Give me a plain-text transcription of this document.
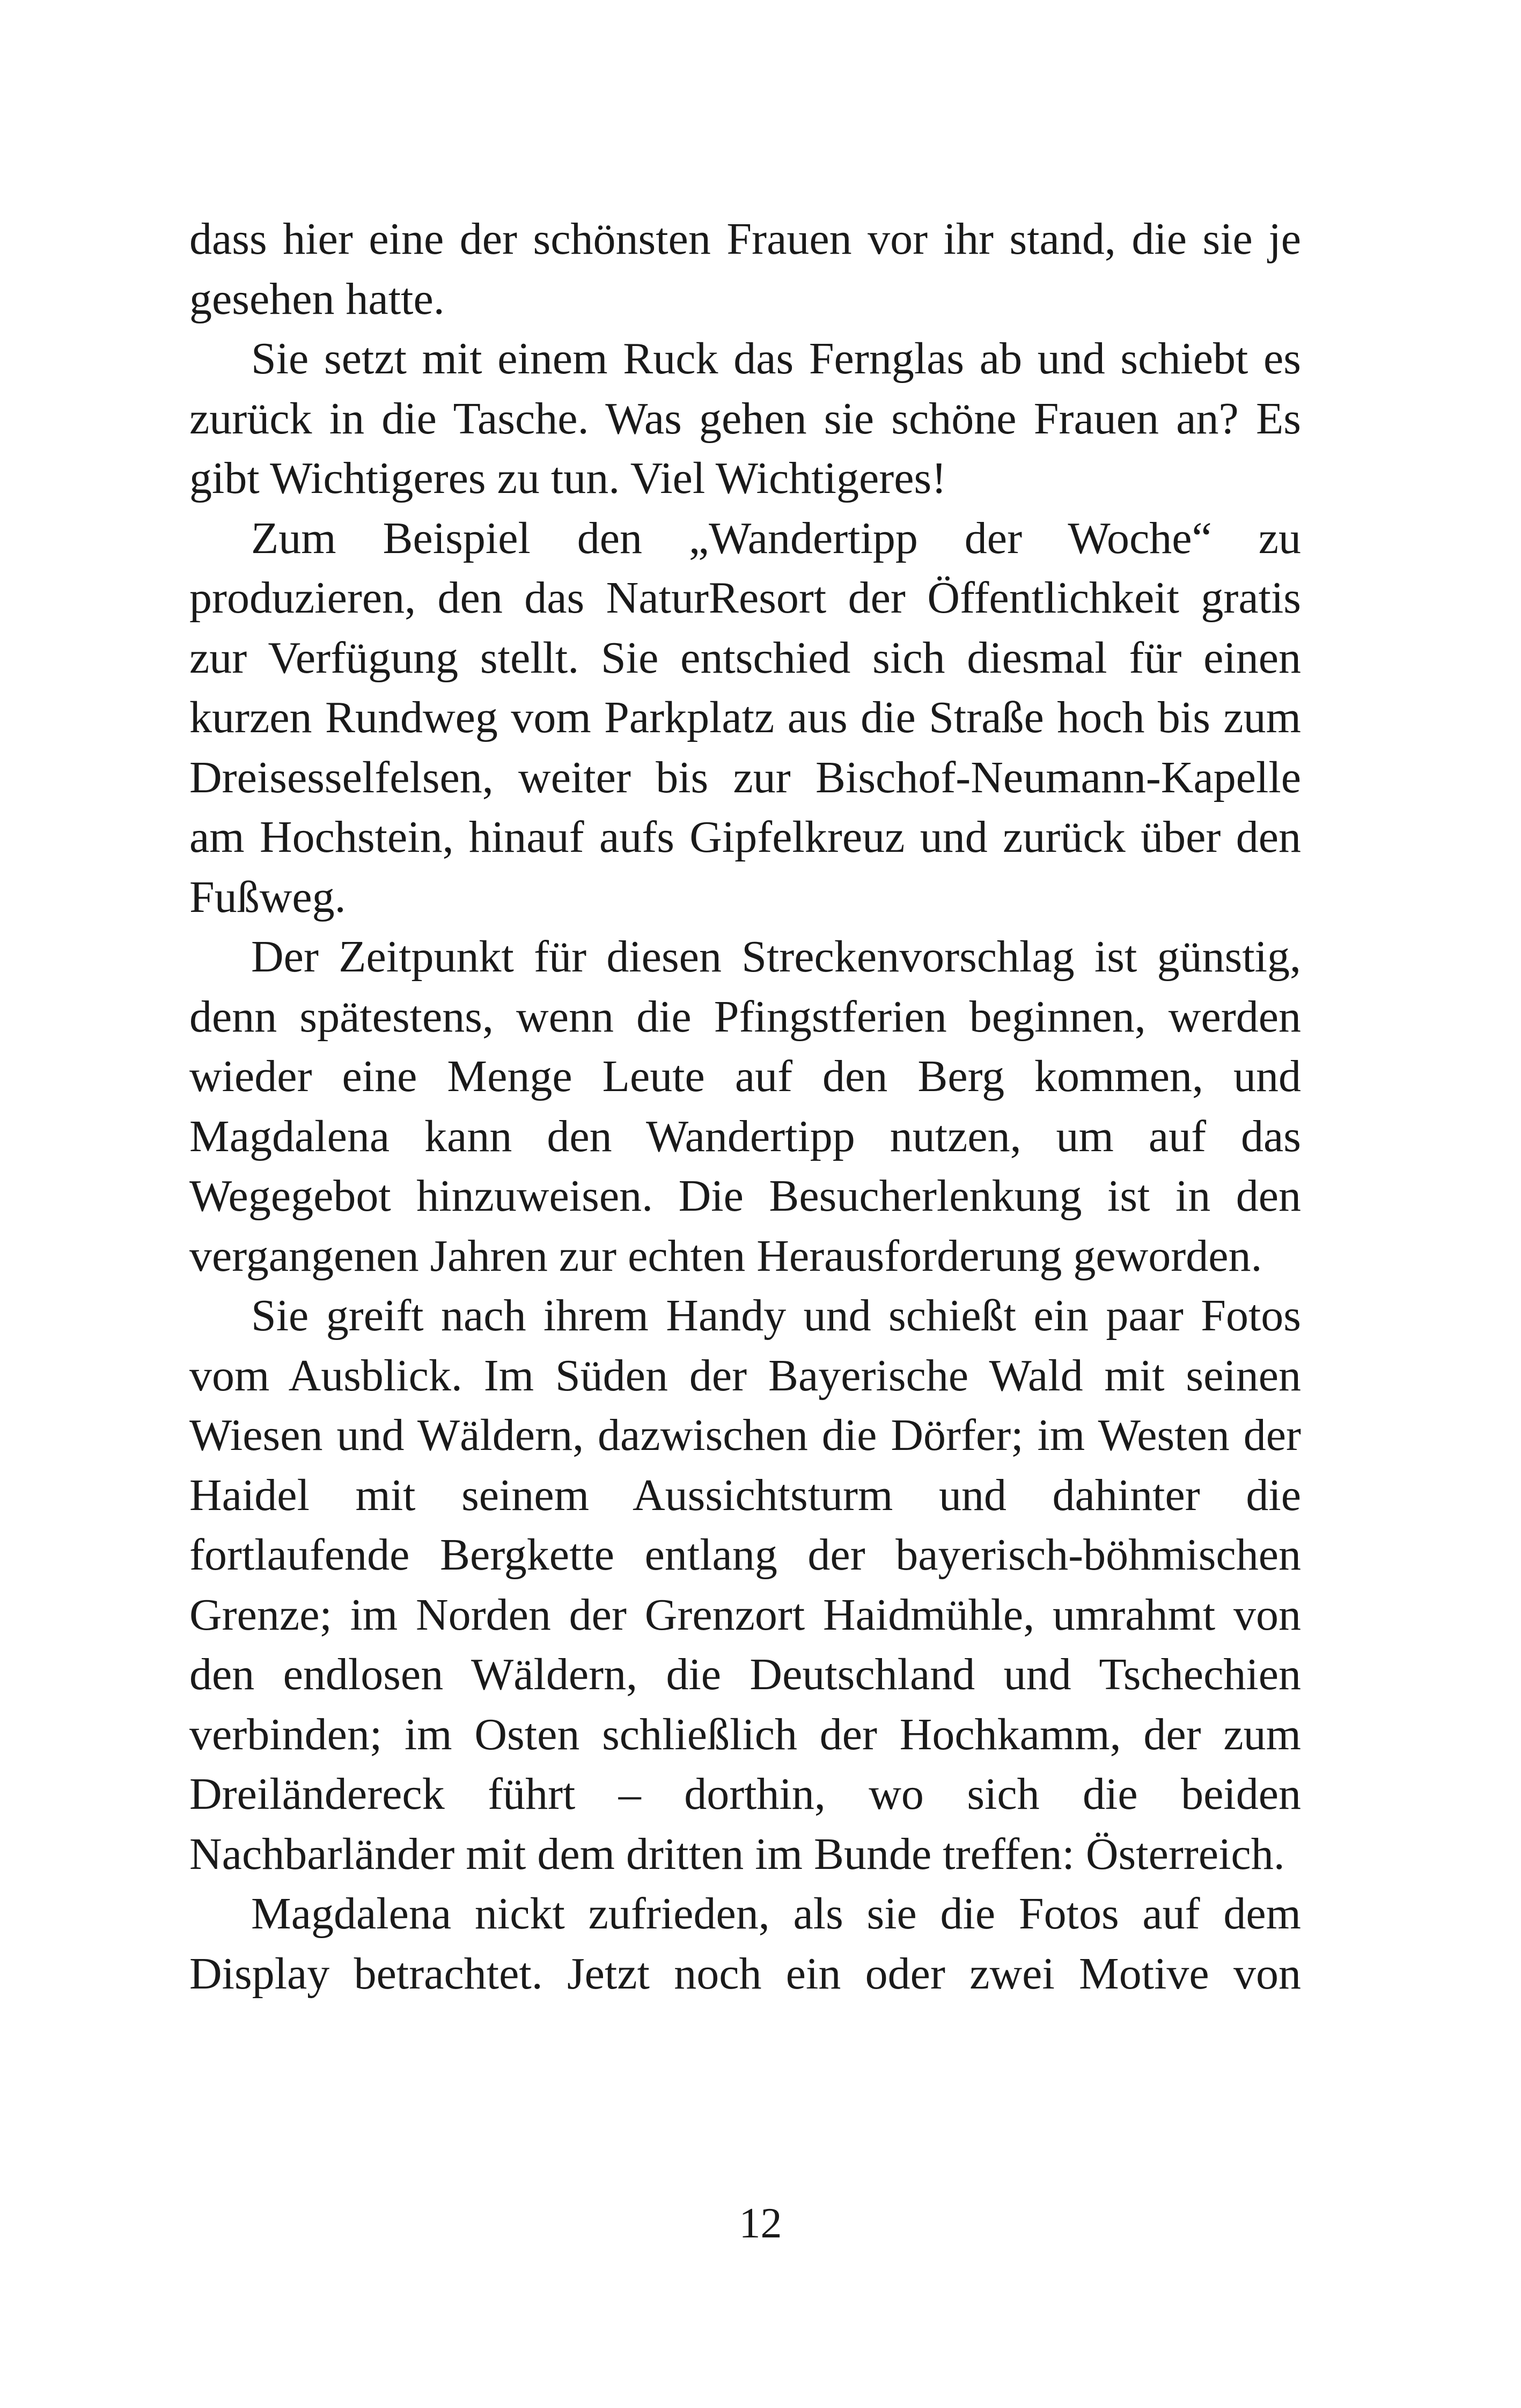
dass hier eine der schönsten Frauen vor ihr stand, die sie je gesehen hatte.

Sie setzt mit einem Ruck das Fernglas ab und schiebt es zurück in die Tasche. Was gehen sie schöne Frauen an? Es gibt Wichtigeres zu tun. Viel Wichtigeres!

Zum Beispiel den „Wandertipp der Woche“ zu produzieren, den das NaturResort der Öffentlichkeit gratis zur Verfügung stellt. Sie entschied sich diesmal für einen kurzen Rundweg vom Parkplatz aus die Straße hoch bis zum Dreisesselfelsen, weiter bis zur Bischof-Neumann-Kapelle am Hochstein, hinauf aufs Gipfelkreuz und zurück über den Fußweg.

Der Zeitpunkt für diesen Streckenvorschlag ist günstig, denn spätestens, wenn die Pfingstferien beginnen, werden wieder eine Menge Leute auf den Berg kommen, und Magdalena kann den Wandertipp nutzen, um auf das Wegegebot hinzuweisen. Die Besucherlenkung ist in den vergangenen Jahren zur echten Herausforderung geworden.

Sie greift nach ihrem Handy und schießt ein paar Fotos vom Ausblick. Im Süden der Bayerische Wald mit seinen Wiesen und Wäldern, dazwischen die Dörfer; im Westen der Haidel mit seinem Aussichtsturm und dahinter die fortlaufende Bergkette entlang der bayerisch-böhmischen Grenze; im Norden der Grenzort Haidmühle, umrahmt von den endlosen Wäldern, die Deutschland und Tschechien verbinden; im Osten schließlich der Hochkamm, der zum Dreiländereck führt – dorthin, wo sich die beiden Nachbarländer mit dem dritten im Bunde treffen: Österreich.

Magdalena nickt zufrieden, als sie die Fotos auf dem Display betrachtet. Jetzt noch ein oder zwei Motive von

12
